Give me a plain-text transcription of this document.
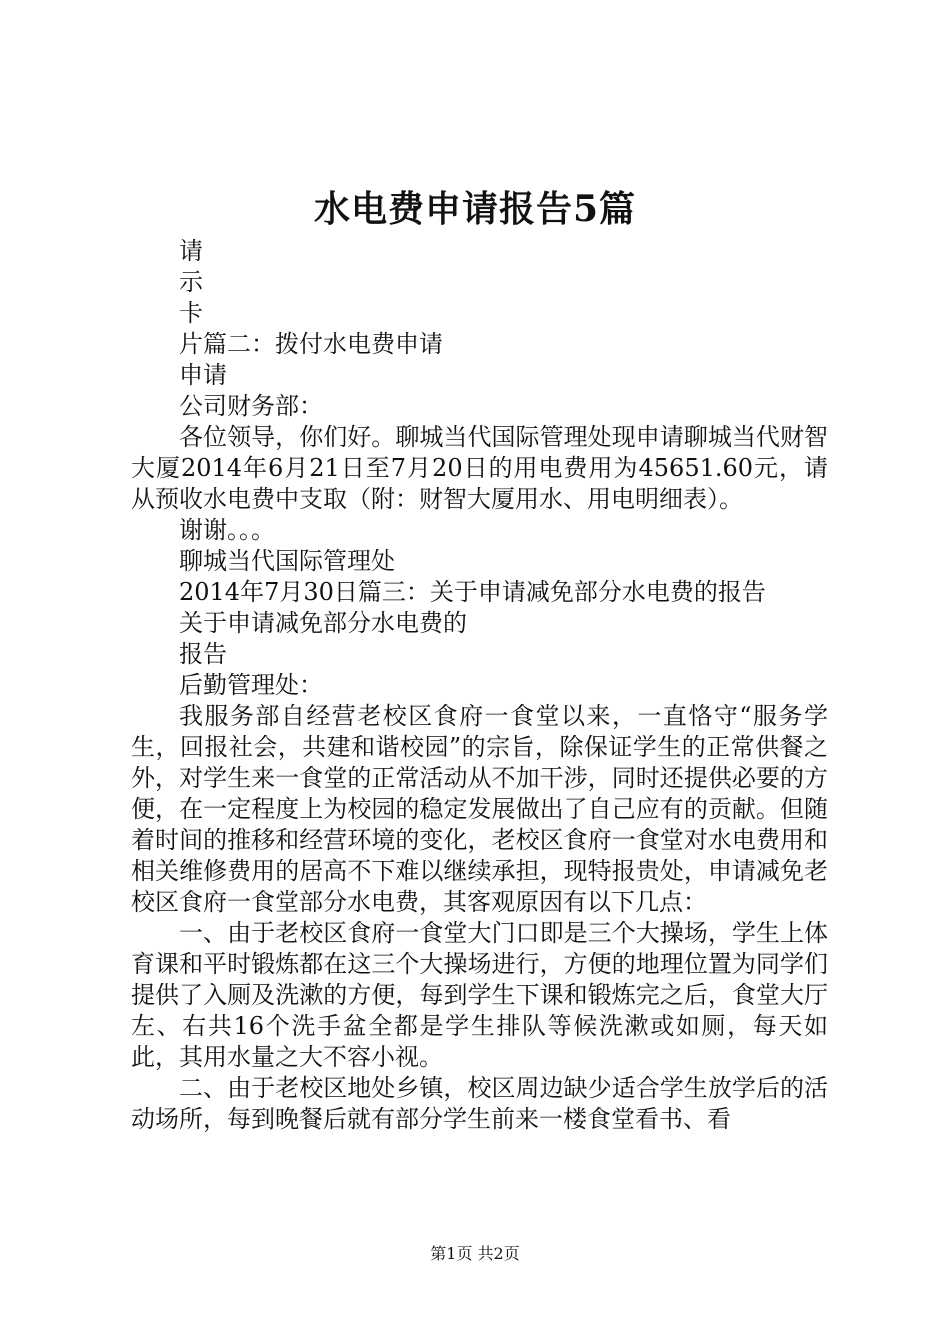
水电费申请报告5篇

请

示

卡

片篇二：拨付水电费申请

申请

公司财务部：

各位领导，你们好。聊城当代国际管理处现申请聊城当代财智大厦2014年6月21日至7月20日的用电费用为45651.60元，请从预收水电费中支取（附：财智大厦用水、用电明细表）。

谢谢。。。

聊城当代国际管理处

2014年7月30日篇三：关于申请减免部分水电费的报告

关于申请减免部分水电费的

报告

后勤管理处：

我服务部自经营老校区食府一食堂以来，一直恪守“服务学生，回报社会，共建和谐校园”的宗旨，除保证学生的正常供餐之外，对学生来一食堂的正常活动从不加干涉，同时还提供必要的方便，在一定程度上为校园的稳定发展做出了自己应有的贡献。但随着时间的推移和经营环境的变化，老校区食府一食堂对水电费用和相关维修费用的居高不下难以继续承担，现特报贵处，申请减免老校区食府一食堂部分水电费，其客观原因有以下几点：

一、由于老校区食府一食堂大门口即是三个大操场，学生上体育课和平时锻炼都在这三个大操场进行，方便的地理位置为同学们提供了入厕及洗漱的方便，每到学生下课和锻炼完之后，食堂大厅左、右共16个洗手盆全都是学生排队等候洗漱或如厕，每天如此，其用水量之大不容小视。

二、由于老校区地处乡镇，校区周边缺少适合学生放学后的活动场所，每到晚餐后就有部分学生前来一楼食堂看书、看

第1页 共2页
